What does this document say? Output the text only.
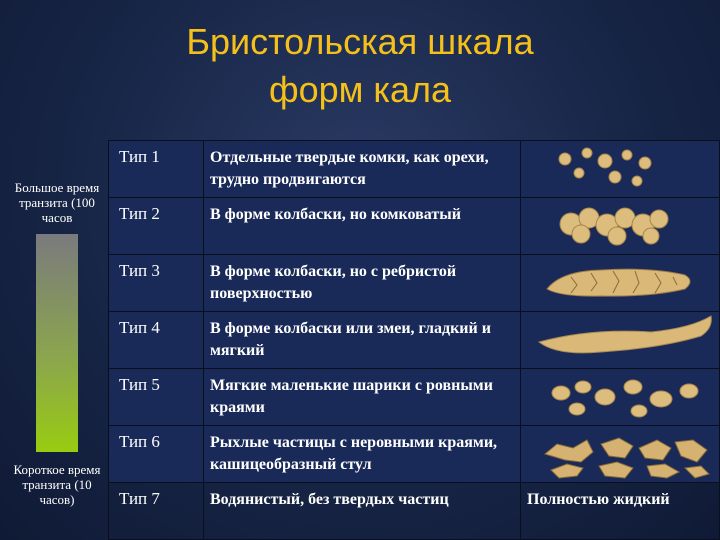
Бристольская шкала
форм кала
Большое время транзита (100 часов
Короткое время транзита (10 часов)
Тип 1	Отдельные твердые комки, как орехи, трудно продвигаются

Тип 2	В форме колбаски, но комковатый

Тип 3	В форме колбаски, но с ребристой поверхностью

Тип 4	В форме колбаски или змеи, гладкий и мягкий

Тип 5	Мягкие маленькие шарики с ровными краями

Тип 6	Рыхлые частицы с неровными краями, кашицеобразный стул

Тип 7	Водянистый, без твердых частиц	Полностью жидкий
